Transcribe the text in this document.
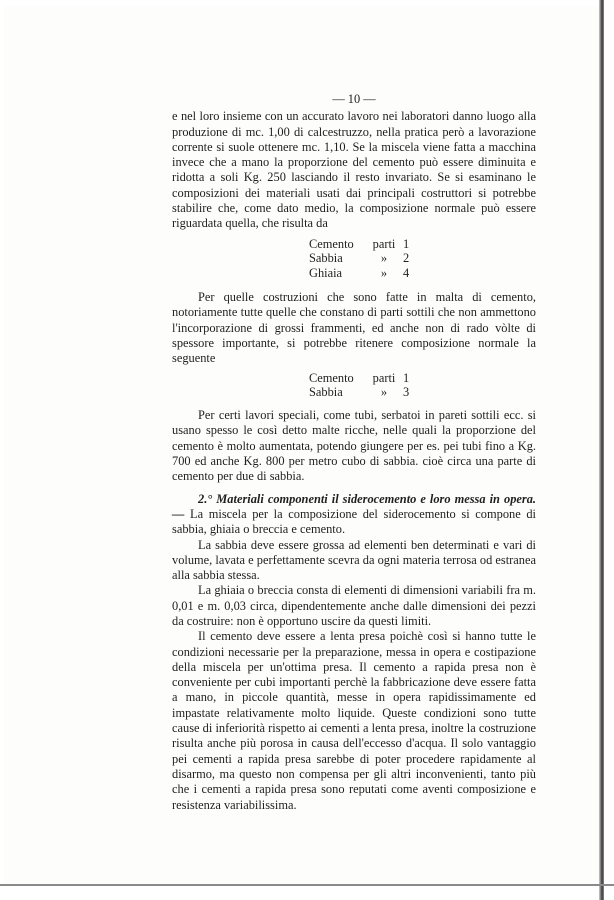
— 10 —

e nel loro insieme con un accurato lavoro nei laboratori danno luogo alla produzione di mc. 1,00 di calcestruzzo, nella pratica però a lavorazione corrente si suole ottenere mc. 1,10. Se la miscela viene fatta a macchina invece che a mano la proporzione del cemento può essere diminuita e ridotta a soli Kg. 250 lasciando il resto invariato. Se si esaminano le composizioni dei materiali usati dai principali costruttori si potrebbe stabilire che, come dato medio, la composizione normale può essere riguardata quella, che risulta da

Cemento	parti 1
Sabbia	»	2
Ghiaia	»	4

Per quelle costruzioni che sono fatte in malta di cemento, notoriamente tutte quelle che constano di parti sottili che non ammettono l'incorporazione di grossi frammenti, ed anche non di rado vòlte di spessore importante, si potrebbe ritenere composizione normale la seguente

Cemento	parti 1
Sabbia	»	3

Per certi lavori speciali, come tubi, serbatoi in pareti sottili ecc. si usano spesso le così detto malte ricche, nelle quali la proporzione del cemento è molto aumentata, potendo giungere per es. pei tubi fino a Kg. 700 ed anche Kg. 800 per metro cubo di sabbia. cioè circa una parte di cemento per due di sabbia.

2.° Materiali componenti il siderocemento e loro messa in opera. — La miscela per la composizione del siderocemento si compone di sabbia, ghiaia o breccia e cemento.

La sabbia deve essere grossa ad elementi ben determinati e vari di volume, lavata e perfettamente scevra da ogni materia terrosa od estranea alla sabbia stessa.

La ghiaia o breccia consta di elementi di dimensioni variabili fra m. 0,01 e m. 0,03 circa, dipendentemente anche dalle dimensioni dei pezzi da costruire: non è opportuno uscire da questi limiti.

Il cemento deve essere a lenta presa poichè così si hanno tutte le condizioni necessarie per la preparazione, messa in opera e costipazione della miscela per un'ottima presa. Il cemento a rapida presa non è conveniente per cubi importanti perchè la fabbricazione deve essere fatta a mano, in piccole quantità, messe in opera rapidissimamente ed impastate relativamente molto liquide. Queste condizioni sono tutte cause di inferiorità rispetto ai cementi a lenta presa, inoltre la costruzione risulta anche più porosa in causa dell'eccesso d'acqua. Il solo vantaggio pei cementi a rapida presa sarebbe di poter procedere rapidamente al disarmo, ma questo non compensa per gli altri inconvenienti, tanto più che i cementi a rapida presa sono reputati come aventi composizione e resistenza variabilissima.
